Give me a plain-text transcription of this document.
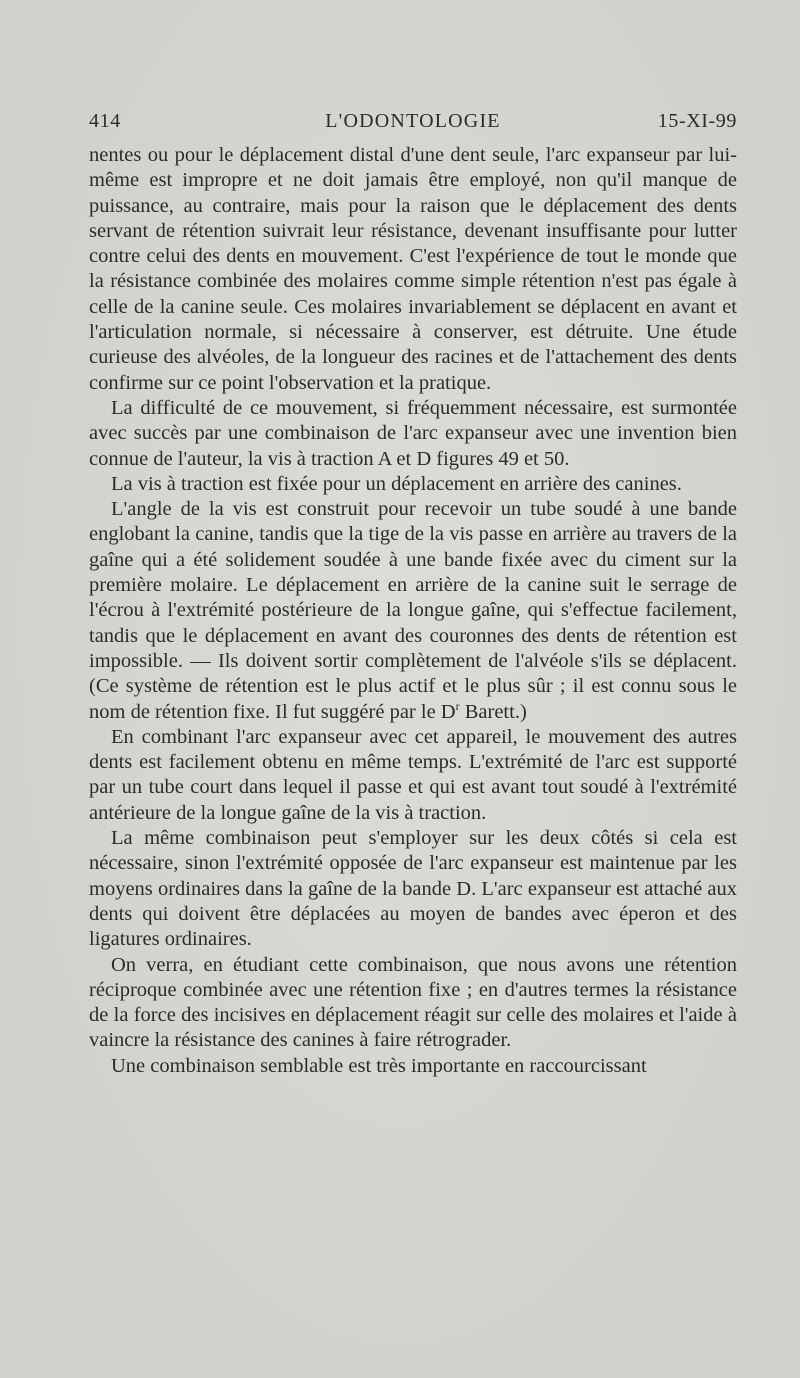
414	L'ODONTOLOGIE	15-XI-99

nentes ou pour le déplacement distal d'une dent seule, l'arc expanseur par lui-même est impropre et ne doit jamais être employé, non qu'il manque de puissance, au contraire, mais pour la raison que le déplacement des dents servant de rétention suivrait leur résistance, devenant insuffisante pour lutter contre celui des dents en mouvement. C'est l'expérience de tout le monde que la résistance combinée des molaires comme simple rétention n'est pas égale à celle de la canine seule. Ces molaires invariablement se déplacent en avant et l'articulation normale, si nécessaire à conserver, est détruite. Une étude curieuse des alvéoles, de la longueur des racines et de l'attachement des dents confirme sur ce point l'observation et la pratique.

La difficulté de ce mouvement, si fréquemment nécessaire, est surmontée avec succès par une combinaison de l'arc expanseur avec une invention bien connue de l'auteur, la vis à traction A et D figures 49 et 50.

La vis à traction est fixée pour un déplacement en arrière des canines.

L'angle de la vis est construit pour recevoir un tube soudé à une bande englobant la canine, tandis que la tige de la vis passe en arrière au travers de la gaîne qui a été solidement soudée à une bande fixée avec du ciment sur la première molaire. Le déplacement en arrière de la canine suit le serrage de l'écrou à l'extrémité postérieure de la longue gaîne, qui s'effectue facilement, tandis que le déplacement en avant des couronnes des dents de rétention est impossible. — Ils doivent sortir complètement de l'alvéole s'ils se déplacent. (Ce système de rétention est le plus actif et le plus sûr ; il est connu sous le nom de rétention fixe. Il fut suggéré par le $D^r$ Barett.)

En combinant l'arc expanseur avec cet appareil, le mouvement des autres dents est facilement obtenu en même temps. L'extrémité de l'arc est supporté par un tube court dans lequel il passe et qui est avant tout soudé à l'extrémité antérieure de la longue gaîne de la vis à traction.

La même combinaison peut s'employer sur les deux côtés si cela est nécessaire, sinon l'extrémité opposée de l'arc expanseur est maintenue par les moyens ordinaires dans la gaîne de la bande D. L'arc expanseur est attaché aux dents qui doivent être déplacées au moyen de bandes avec éperon et des ligatures ordinaires.

On verra, en étudiant cette combinaison, que nous avons une rétention réciproque combinée avec une rétention fixe ; en d'autres termes la résistance de la force des incisives en déplacement réagit sur celle des molaires et l'aide à vaincre la résistance des canines à faire rétrograder.

Une combinaison semblable est très importante en raccourcissant
